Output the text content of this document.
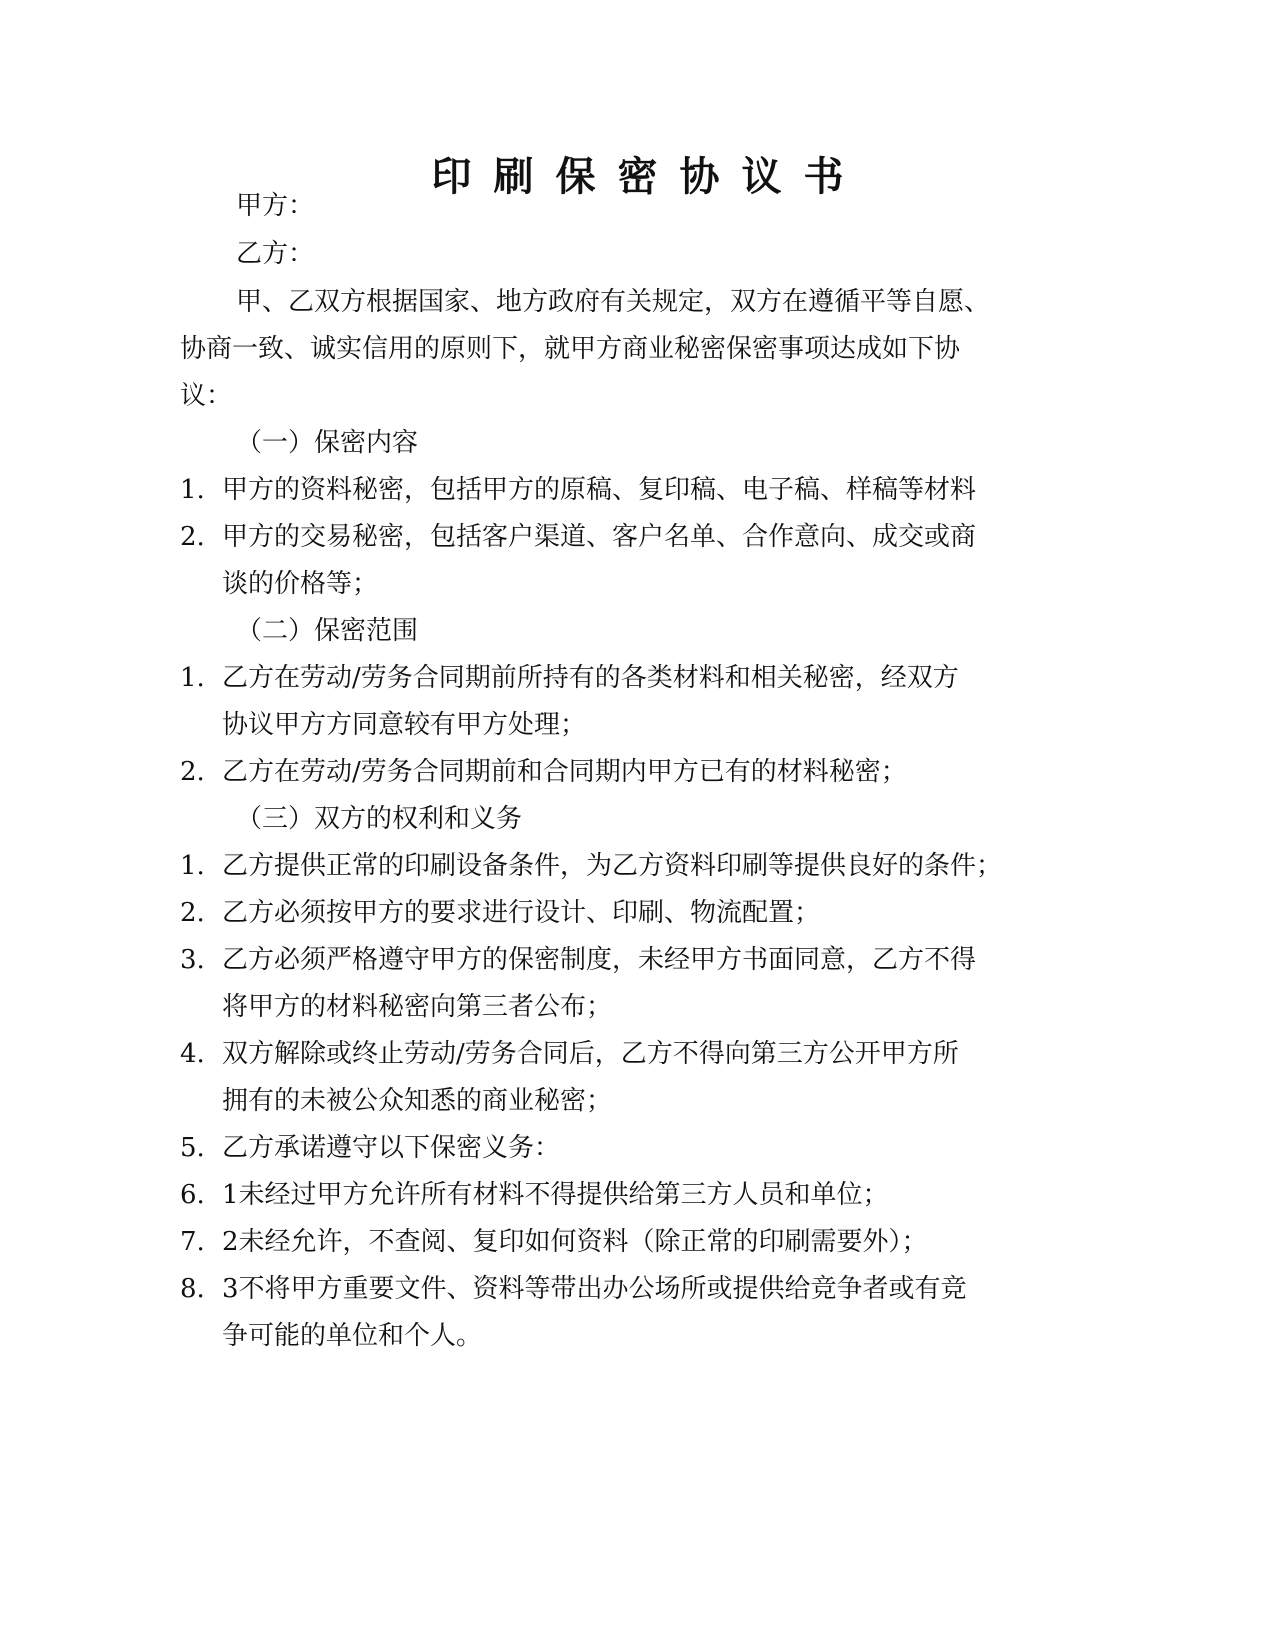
印刷保密协议书
甲方：
乙方：
甲、乙双方根据国家、地方政府有关规定，双方在遵循平等自愿、
协商一致、诚实信用的原则下，就甲方商业秘密保密事项达成如下协
议：
（一）保密内容
1. 甲方的资料秘密，包括甲方的原稿、复印稿、电子稿、样稿等材料
2. 甲方的交易秘密，包括客户渠道、客户名单、合作意向、成交或商
谈的价格等；
（二）保密范围
1. 乙方在劳动/劳务合同期前所持有的各类材料和相关秘密，经双方
协议甲方方同意较有甲方处理；
2. 乙方在劳动/劳务合同期前和合同期内甲方已有的材料秘密；
（三）双方的权利和义务
1. 乙方提供正常的印刷设备条件，为乙方资料印刷等提供良好的条件；
2. 乙方必须按甲方的要求进行设计、印刷、物流配置；
3. 乙方必须严格遵守甲方的保密制度，未经甲方书面同意，乙方不得
将甲方的材料秘密向第三者公布；
4. 双方解除或终止劳动/劳务合同后，乙方不得向第三方公开甲方所
拥有的未被公众知悉的商业秘密；
5. 乙方承诺遵守以下保密义务：
6. 1未经过甲方允许所有材料不得提供给第三方人员和单位；
7. 2未经允许，不查阅、复印如何资料（除正常的印刷需要外）；
8. 3不将甲方重要文件、资料等带出办公场所或提供给竞争者或有竞
争可能的单位和个人。
